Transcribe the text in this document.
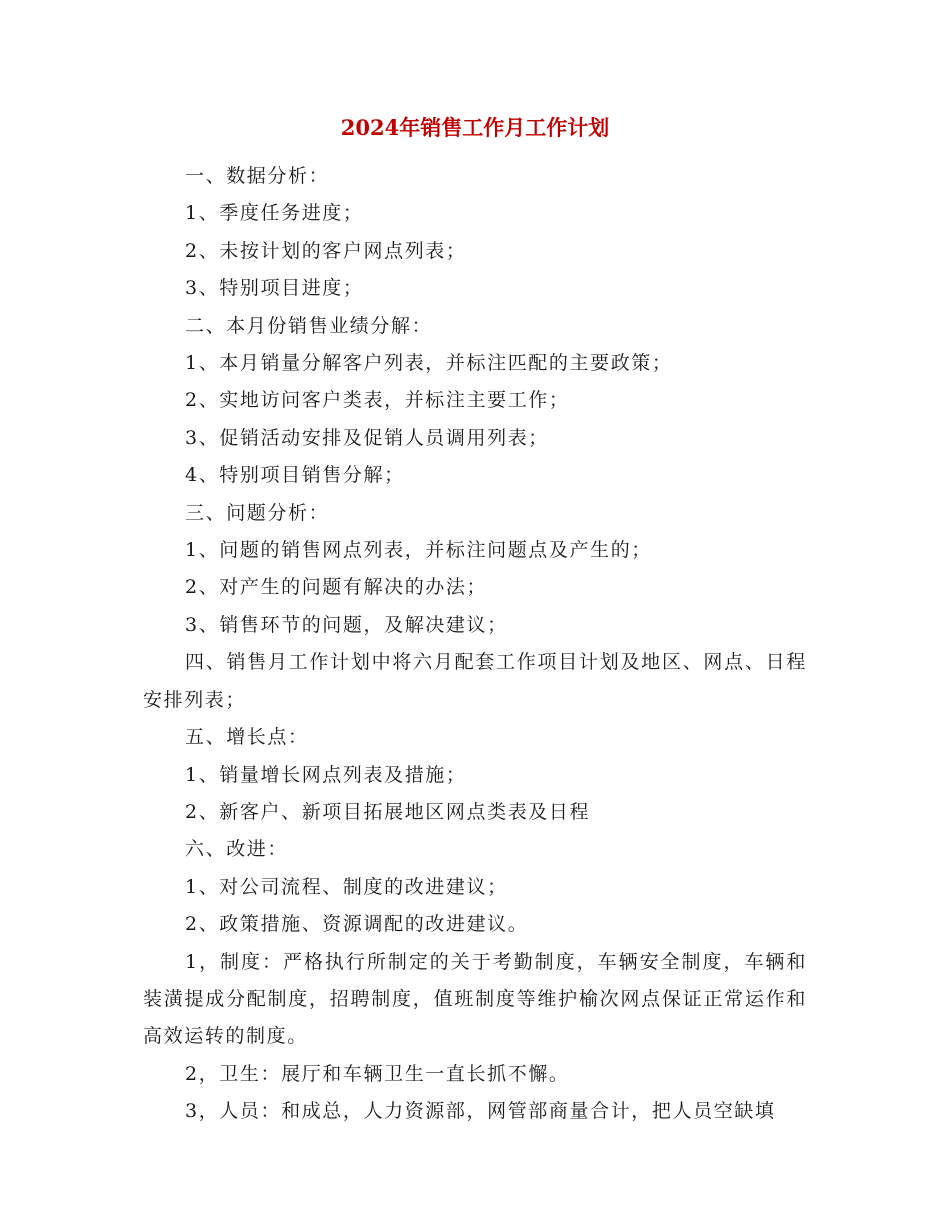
2024年销售工作月工作计划

一、数据分析：

1、季度任务进度；

2、未按计划的客户网点列表；

3、特别项目进度；

二、本月份销售业绩分解：

1、本月销量分解客户列表，并标注匹配的主要政策；

2、实地访问客户类表，并标注主要工作；

3、促销活动安排及促销人员调用列表；

4、特别项目销售分解；

三、问题分析：

1、问题的销售网点列表，并标注问题点及产生的；

2、对产生的问题有解决的办法；

3、销售环节的问题，及解决建议；

四、销售月工作计划中将六月配套工作项目计划及地区、网点、日程安排列表；

五、增长点：

1、销量增长网点列表及措施；

2、新客户、新项目拓展地区网点类表及日程

六、改进：

1、对公司流程、制度的改进建议；

2、政策措施、资源调配的改进建议。

1，制度：严格执行所制定的关于考勤制度，车辆安全制度，车辆和装潢提成分配制度，招聘制度，值班制度等维护榆次网点保证正常运作和高效运转的制度。

2，卫生：展厅和车辆卫生一直长抓不懈。

3，人员：和成总，人力资源部，网管部商量合计，把人员空缺填
